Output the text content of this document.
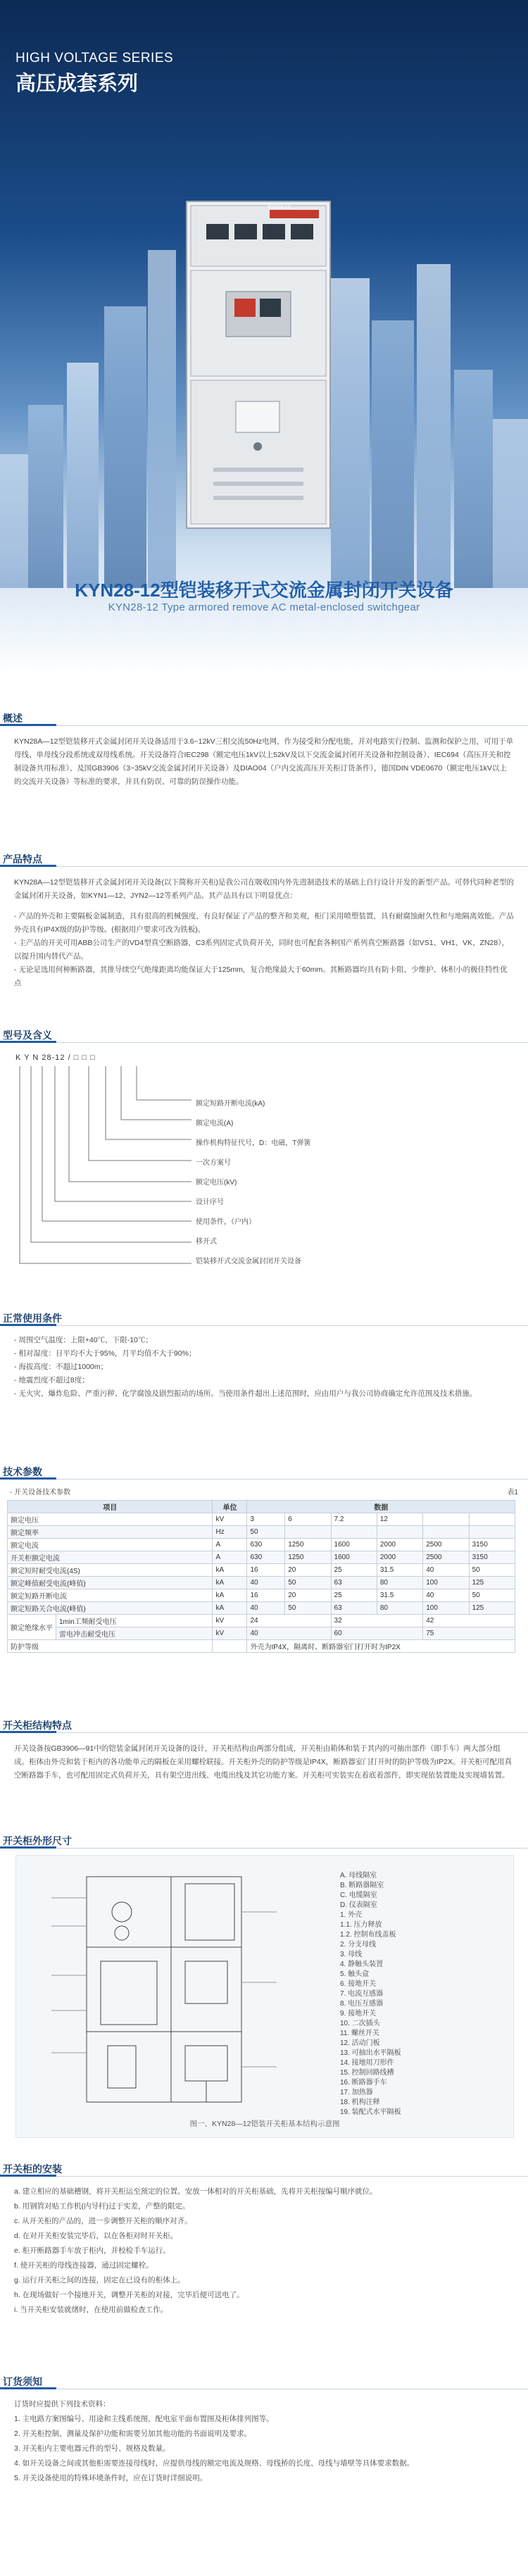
HIGH VOLTAGE SERIES
高压成套系列
KYN28-12
KYN28-12型铠装移开式交流金属封闭开关设备
KYN28-12 Type armored remove AC metal-enclosed switchgear
概述
KYN28A—12型铠装移开式金属封闭开关设备适用于3.6~12kV三相交流50Hz电网，作为接受和分配电能，并对电路实行控制、监测和保护之用，可用于单母线、单母线分段系统或双母线系统。开关设备符合IEC298（额定电压1kV以上52kV及以下交流金属封闭开关设备和控制设备）、IEC694（高压开关和控制设备共用标准）、及国GB3906（3~35kV交流金属封闭开关设备）及DIAO04（户内交流高压开关柜订货条件），德国DIN VDE0670（额定电压1kV以上的交流开关设备）等标准的要求，并具有防误、可靠的防误操作功能。
产品特点
KYN28A—12型铠装移开式金属封闭开关设备(以下简称开关柜)是我公司在吸收国内外先进制造技术的基础上自行设计开发的新型产品。可替代同种老型的金属封闭开关设备，如KYN1—12、JYN2—12等系列产品。其产品具有以下明显优点：
- 产品的外壳和主要隔板金属制造，具有很高的机械强度，有良好保证了产品的整齐和美观，柜门采用喷塑装置，具有耐腐蚀耐久性和与地隔离效能。产品外壳具有IP4X级的防护等级。(根据用户要求可改为铁板)。
- 主产品的开关可用ABB公司生产的VD4型真空断路器，C3系列固定式负荷开关，同时也可配套各种国产系列真空断路器（如VS1、VH1、VK、ZN28），以提升国内替代产品。
- 无论是选用何种断路器，其推导续空气绝缘距离均能保证大于125mm，复合绝缘最大于60mm。其断路器均具有防卡阻、少维护、体积小的极佳特性优点
型号及含义
K Y N 28-12 / □ □ □
额定短路开断电流(kA)
额定电流(A)
操作机构特征代号，D：电磁，T弹簧
一次方案号
额定电压(kV)
设计序号
使用条件，（户内）
移开式
铠装移开式交流金属封闭开关设备
正常使用条件
- 周围空气温度：上限+40℃，下限-10℃；
- 相对湿度：日平均不大于95%，月平均值不大于90%；
- 海拔高度：不超过1000m；
- 地震烈度不超过8度；
- 无火灾、爆炸危险、严重污秽、化学腐蚀及剧烈振动的场所。当使用条件超出上述范围时，应由用户与我公司协商确定允许范围及技术措施。
技术参数
- 开关设备技术参数	表1
项目		单位	数据					
额定电压		kV	3	6	7.2	12		
额定频率		Hz	50					
额定电流		A	630	1250	1600	2000	2500	3150
开关柜额定电流		A	630	1250	1600	2000	2500	3150
额定短时耐受电流(4S)		kA	16	20	25	31.5	40	50
额定峰值耐受电流(峰值)		kA	40	50	63	80	100	125
额定短路开断电流		kA	16	20	25	31.5	40	50
额定短路关合电流(峰值)		kA	40	50	63	80	100	125
额定绝缘水平	1min工频耐受电压	kV	24		32		42	
	雷电冲击耐受电压	kV	40		60		75	
防护等级			外壳为IP4X，隔离时、断路器室门打开时为IP2X					
开关柜结构特点
开关设备按GB3906—91中的铠装金属封闭开关设备的设计，开关柜结构由两部分组成，开关柜由箱体和装于其内的可抽出部件（即手车）两大部分组成。柜体由外壳和装于柜内的各功能单元的隔板在采用螺栓联接。开关柜外壳的防护等级是IP4X，断路器室门打开时的防护等级为IP2X。开关柜可配用真空断路器手车，也可配用固定式负荷开关，具有架空进出线、电缆出线及其它功能方案。开关柜可实装实在着底着部件，即实现依装置能及实现墙装置。
开关柜外形尺寸
A. 母线隔室
B. 断路器隔室
C. 电缆隔室
D. 仪表隔室
1. 外壳
1.1. 压力释放
1.2. 控制布线盖板
2. 分支母线
3. 母线
4. 静触头装置
5. 触头盒
6. 接地开关
7. 电流互感器
8. 电压互感器
9. 接地开关
10. 二次插头
11. 螺丝开关
12. 活动门板
13. 可抽出水平隔板
14. 接地用刀形件
15. 控制回路线槽
16. 断路器手车
17. 加热器
18. 机构注释
19. 装配式水平隔板
图一、KYN28—12铠装开关柜基本结构示意图
开关柜的安装
a. 建立相应的基础槽钢，将开关柜运至预定的位置。安放一体相对的开关柜基础，先将开关柜按编号顺序就位。
b. 用钢管对贴工作机(内导杆)过于实差，产整的限定。
c. 从开关柜的产品的，进一步调整开关柜的顺序对齐。
d. 在对开关柜安装完毕后，以在各柜对时开关柜。
e. 柜开断路器手车放于柜内，并校检手车运行。
f. 使开关柜的母线连接器，通过固定螺栓。
g. 运行开关柜之间的连接，固定在已设有的柜体上。
h. 在现场做好一个接地开关，调整开关柜的对接，完毕后便可送电了。
i. 当开关柜安装就绪时，在使用前做检查工作。
订货须知
订货时应提供下列技术资料：
1. 主电路方案图编号、用途和主线系统图，配电室平面布置图及柜体排列图等。
2. 开关柜控制、测量及保护功能和需要另加其他功能的书面说明及要求。
3. 开关柜内主要电器元件的型号、规格及数量。
4. 如开关设备之间或其他柜需要连接母线时，应提供母线的额定电流及规格、母线桥的长度、母线与墙壁等具体要求数据。
5. 开关设备使用的特殊环境条件时，应在订货时详细说明。
